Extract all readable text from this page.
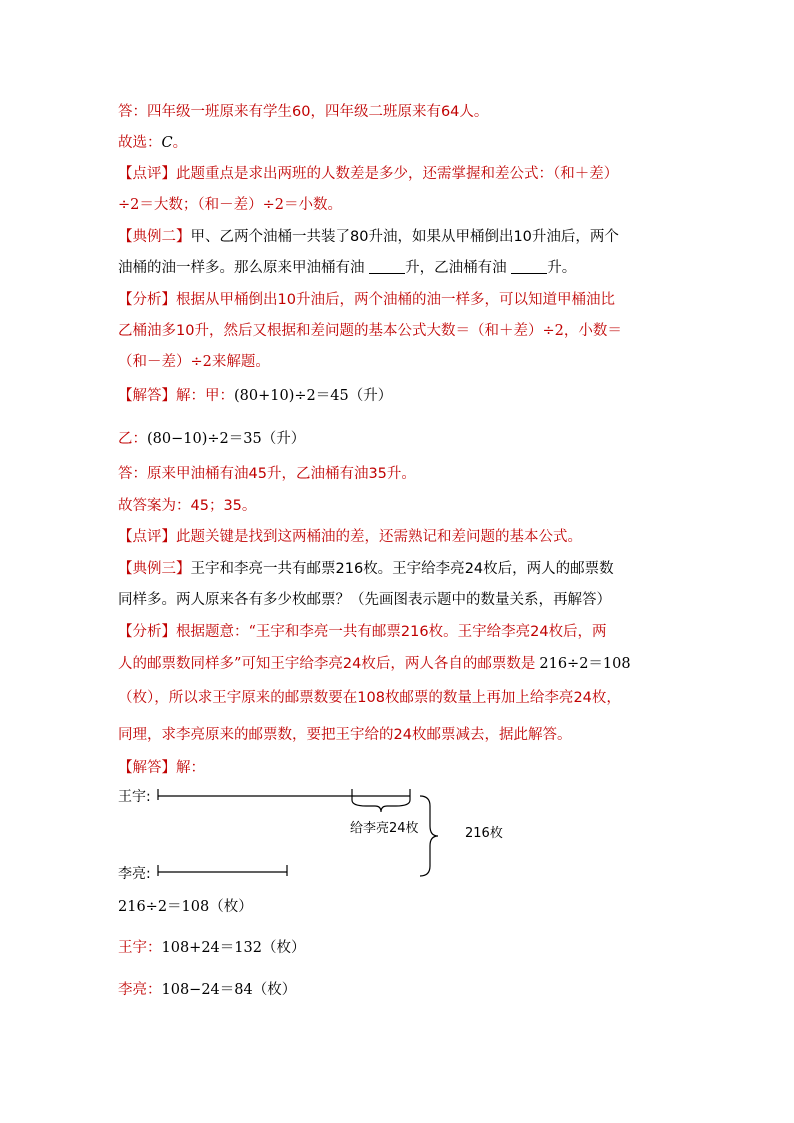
答：四年级一班原来有学生60，四年级二班原来有64人。
故选：C。
【点评】此题重点是求出两班的人数差是多少，还需掌握和差公式：（和＋差）
÷2＝大数；（和－差）÷2＝小数。
【典例二】甲、乙两个油桶一共装了80升油，如果从甲桶倒出10升油后，两个
油桶的油一样多。那么原来甲油桶有油	升，乙油桶有油	升。
【分析】根据从甲桶倒出10升油后，两个油桶的油一样多，可以知道甲桶油比
乙桶油多10升，然后又根据和差问题的基本公式大数＝（和＋差）÷2，小数＝
（和－差）÷2来解题。
【解答】解：甲：(80+10)÷2＝45（升）
乙：(80−10)÷2＝35（升）
答：原来甲油桶有油45升，乙油桶有油35升。
故答案为：45；35。
【点评】此题关键是找到这两桶油的差，还需熟记和差问题的基本公式。
【典例三】王宇和李亮一共有邮票216枚。王宇给李亮24枚后，两人的邮票数
同样多。两人原来各有多少枚邮票？（先画图表示题中的数量关系，再解答）
【分析】根据题意：“王宇和李亮一共有邮票216枚。王宇给李亮24枚后，两
人的邮票数同样多”可知王宇给李亮24枚后，两人各自的邮票数是 216÷2＝108
（枚），所以求王宇原来的邮票数要在108枚邮票的数量上再加上给李亮24枚，
同理，求李亮原来的邮票数，要把王宇给的24枚邮票减去，据此解答。
【解答】解：
王宇:
给李亮24枚	216枚
李亮:
216÷2＝108（枚）
王宇：108+24＝132（枚）
李亮：108−24＝84（枚）
